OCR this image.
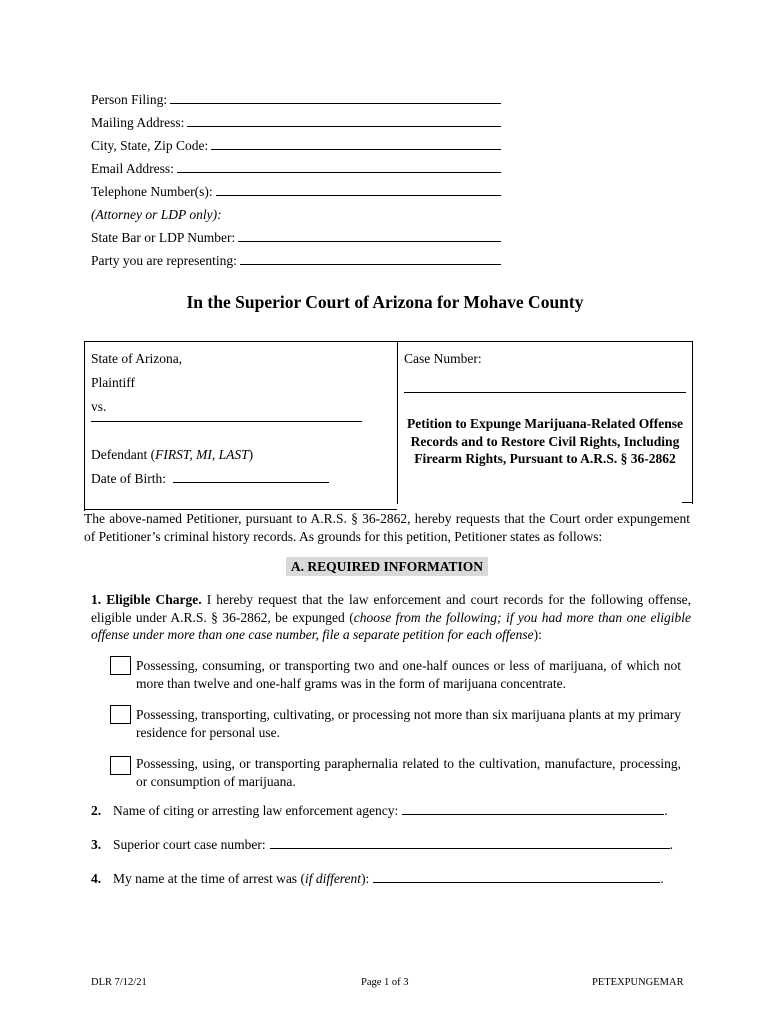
Person Filing:
Mailing Address:
City, State, Zip Code:
Email Address:
Telephone Number(s):
(Attorney or LDP only):
State Bar or LDP Number:
Party you are representing:
In the Superior Court of Arizona for Mohave County
State of Arizona,
Plaintiff
vs.
Defendant (FIRST, MI, LAST)
Date of Birth:
Case Number:
Petition to Expunge Marijuana-Related Offense Records and to Restore Civil Rights, Including Firearm Rights, Pursuant to A.R.S. § 36-2862
The above-named Petitioner, pursuant to A.R.S. § 36-2862, hereby requests that the Court order expungement of Petitioner’s criminal history records. As grounds for this petition, Petitioner states as follows:
A. REQUIRED INFORMATION
1. Eligible Charge. I hereby request that the law enforcement and court records for the following offense, eligible under A.R.S. § 36-2862, be expunged (choose from the following; if you had more than one eligible offense under more than one case number, file a separate petition for each offense):
Possessing, consuming, or transporting two and one-half ounces or less of marijuana, of which not more than twelve and one-half grams was in the form of marijuana concentrate.
Possessing, transporting, cultivating, or processing not more than six marijuana plants at my primary residence for personal use.
Possessing, using, or transporting paraphernalia related to the cultivation, manufacture, processing, or consumption of marijuana.
2. Name of citing or arresting law enforcement agency:	.
3. Superior court case number:	.
4. My name at the time of arrest was ( if different ):	.
DLR 7/12/21	Page 1 of 3	PETEXPUNGEMAR
